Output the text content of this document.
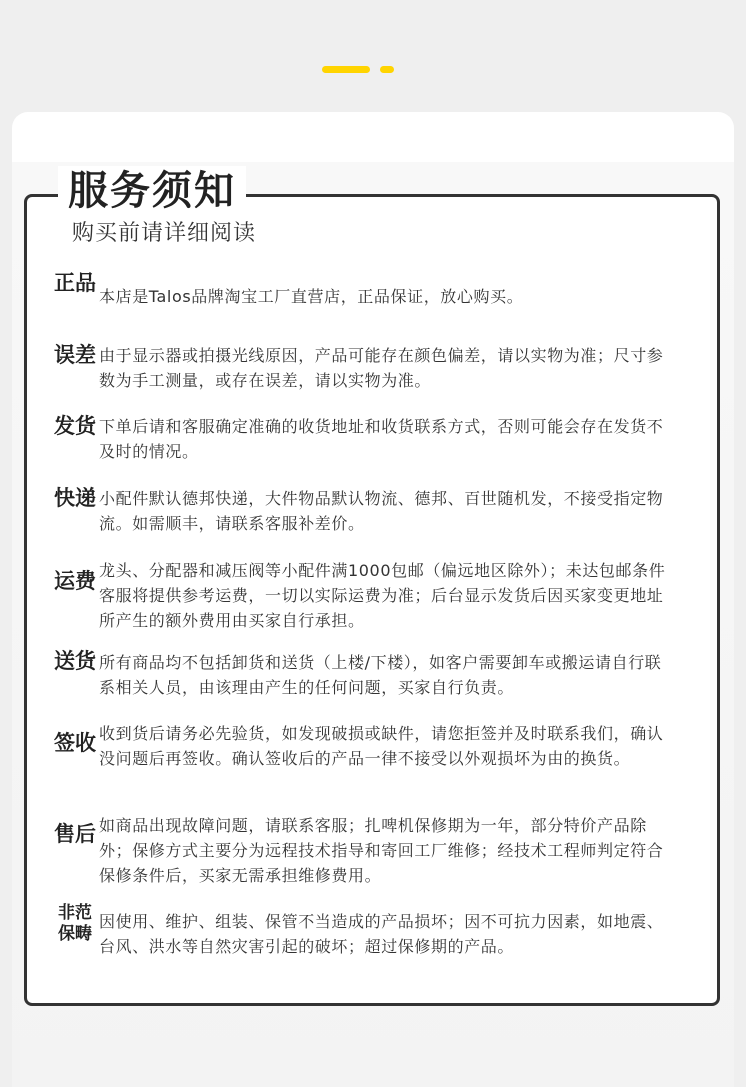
服务须知
购买前请详细阅读
正品
本店是Talos品牌淘宝工厂直营店，正品保证，放心购买。
误差 由于显示器或拍摄光线原因，产品可能存在颜色偏差，请以实物为准；尺寸参数为手工测量，或存在误差，请以实物为准。
发货 下单后请和客服确定准确的收货地址和收货联系方式，否则可能会存在发货不及时的情况。
快递 小配件默认德邦快递，大件物品默认物流、德邦、百世随机发，不接受指定物流。如需顺丰，请联系客服补差价。
运费 龙头、分配器和减压阀等小配件满1000包邮（偏远地区除外）；未达包邮条件客服将提供参考运费，一切以实际运费为准；后台显示发货后因买家变更地址所产生的额外费用由买家自行承担。
送货 所有商品均不包括卸货和送货（上楼/下楼），如客户需要卸车或搬运请自行联系相关人员，由该理由产生的任何问题，买家自行负责。
签收 收到货后请务必先验货，如发现破损或缺件，请您拒签并及时联系我们，确认没问题后再签收。确认签收后的产品一律不接受以外观损坏为由的换货。
售后 如商品出现故障问题，请联系客服；扎啤机保修期为一年，部分特价产品除外；保修方式主要分为远程技术指导和寄回工厂维修；经技术工程师判定符合保修条件后，买家无需承担维修费用。
非范保畴
因使用、维护、组装、保管不当造成的产品损坏；因不可抗力因素，如地震、台风、洪水等自然灾害引起的破坏；超过保修期的产品。
